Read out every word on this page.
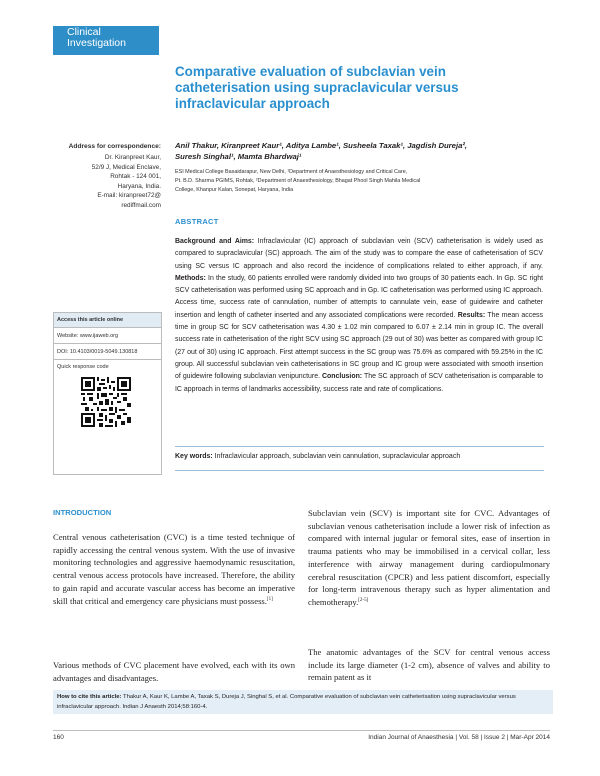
Clinical
Investigation
Comparative evaluation of subclavian vein catheterisation using supraclavicular versus infraclavicular approach
Address for correspondence:
Dr. Kiranpreet Kaur,
52/9 J, Medical Enclave,
Rohtak - 124 001,
Haryana, India.
E-mail: kiranpreet72@
rediffmail.com
Anil Thakur, Kiranpreet Kaur¹, Aditya Lambe¹, Susheela Taxak¹, Jagdish Dureja²,
Suresh Singhal¹, Mamta Bhardwaj¹
ESI Medical College Basaidarapur, New Delhi, ¹Department of Anaesthesiology and Critical Care,
Pt. B.D. Sharma PGIMS, Rohtak, ²Department of Anaesthesiology, Bhagat Phool Singh Mahila Medical
College, Khanpur Kalan, Sonepat, Haryana, India
ABSTRACT
Background and Aims: Infraclavicular (IC) approach of subclavian vein (SCV) catheterisation is widely used as compared to supraclavicular (SC) approach. The aim of the study was to compare the ease of catheterisation of SCV using SC versus IC approach and also record the incidence of complications related to either approach, if any. Methods: In the study, 60 patients enrolled were randomly divided into two groups of 30 patients each. In Gp. SC right SCV catheterisation was performed using SC approach and in Gp. IC catheterisation was performed using IC approach. Access time, success rate of cannulation, number of attempts to cannulate vein, ease of guidewire and catheter insertion and length of catheter inserted and any associated complications were recorded. Results: The mean access time in group SC for SCV catheterisation was 4.30 ± 1.02 min compared to 6.07 ± 2.14 min in group IC. The overall success rate in catheterisation of the right SCV using SC approach (29 out of 30) was better as compared with group IC (27 out of 30) using IC approach. First attempt success in the SC group was 75.6% as compared with 59.25% in the IC group. All successful subclavian vein catheterisations in SC group and IC group were associated with smooth insertion of guidewire following subclavian venipuncture. Conclusion: The SC approach of SCV catheterisation is comparable to IC approach in terms of landmarks accessibility, success rate and rate of complications.
Key words: Infraclavicular approach, subclavian vein cannulation, supraclavicular approach
Access this article online
Website: www.ijaweb.org
DOI: 10.4103/0019-5049.130818
Quick response code
INTRODUCTION
Central venous catheterisation (CVC) is a time tested technique of rapidly accessing the central venous system. With the use of invasive monitoring technologies and aggressive haemodynamic resuscitation, central venous access protocols have increased. Therefore, the ability to gain rapid and accurate vascular access has become an imperative skill that critical and emergency care physicians must possess.[1]
Various methods of CVC placement have evolved, each with its own advantages and disadvantages.
Subclavian vein (SCV) is important site for CVC. Advantages of subclavian venous catheterisation include a lower risk of infection as compared with internal jugular or femoral sites, ease of insertion in trauma patients who may be immobilised in a cervical collar, less interference with airway management during cardiopulmonary cerebral resuscitation (CPCR) and less patient discomfort, especially for long-term intravenous therapy such as hyper alimentation and chemotherapy.[2-5]
The anatomic advantages of the SCV for central venous access include its large diameter (1-2 cm), absence of valves and ability to remain patent as it
How to cite this article: Thakur A, Kaur K, Lambe A, Taxak S, Dureja J, Singhal S, et al. Comparative evaluation of subclavian vein catheterisation using supraclavicular versus infraclavicular approach. Indian J Anaesth 2014;58:160-4.
160	Indian Journal of Anaesthesia | Vol. 58 | Issue 2 | Mar-Apr 2014
